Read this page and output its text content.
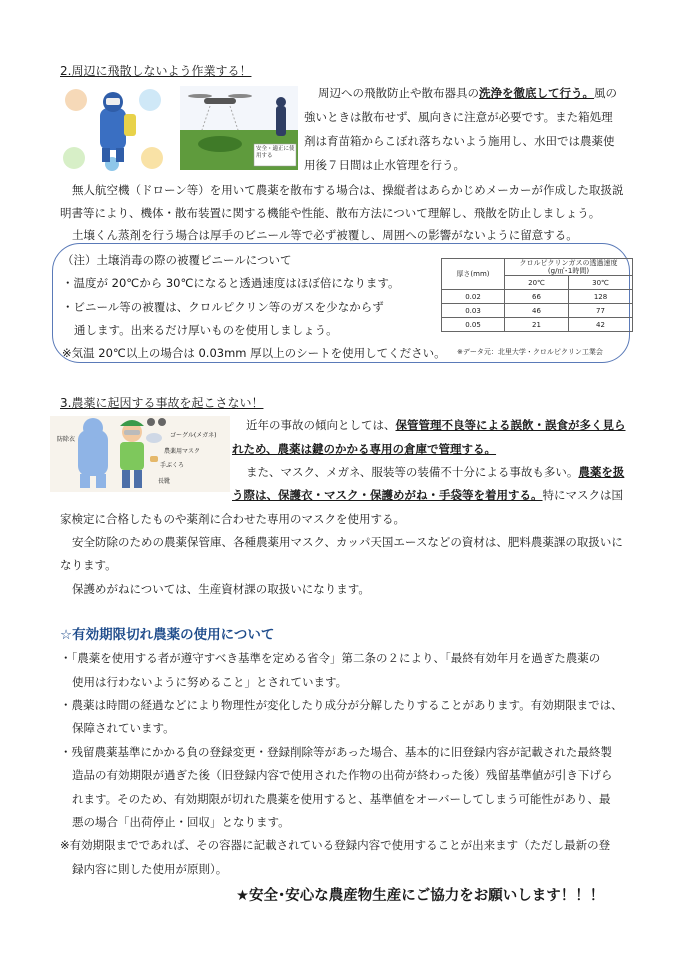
2.周辺に飛散しないよう作業する！
安全・適正に使用する
周辺への飛散防止や散布器具の洗浄を徹底して行う。風の
強いときは散布せず、風向きに注意が必要です。また箱処理
剤は育苗箱からこぼれ落ちないよう施用し、水田では農薬使
用後７日間は止水管理を行う。
無人航空機（ドローン等）を用いて農薬を散布する場合は、操縦者はあらかじめメーカーが作成した取扱説
明書等により、機体・散布装置に関する機能や性能、散布方法について理解し、飛散を防止しましょう。
土壌くん蒸剤を行う場合は厚手のビニール等で必ず被覆し、周囲への影響がないように留意する。
（注）土壌消毒の際の被覆ビニールについて
・温度が 20℃から 30℃になると透過速度はほぼ倍になります。
・ビニール等の被覆は、クロルピクリン等のガスを少なからず
通します。出来るだけ厚いものを使用しましょう。
※気温 20℃以上の場合は 0.03mm 厚以上のシートを使用してください。
厚さ(mm)	クロルピクリンガスの透過速度
(g/㎡･1時間)	
	20℃	30℃
0.02	66	128
0.03	46	77
0.05	21	42
※データ元：北里大学・クロルピクリン工業会
3.農薬に起因する事故を起こさない！
防除衣
ゴーグル(メガネ)
農薬用マスク
手ぶくろ
長靴
近年の事故の傾向としては、保管管理不良等による誤飲・誤食が多く見ら
れため、農薬は鍵のかかる専用の倉庫で管理する。
また、マスク、メガネ、服装等の装備不十分による事故も多い。農薬を扱
う際は、保護衣・マスク・保護めがね・手袋等を着用する。特にマスクは国
家検定に合格したものや薬剤に合わせた専用のマスクを使用する。
安全防除のための農薬保管庫、各種農薬用マスク、カッパ天国エースなどの資材は、肥料農薬課の取扱いに
なります。
保護めがねについては、生産資材課の取扱いになります。
☆有効期限切れ農薬の使用について
・「農薬を使用する者が遵守すべき基準を定める省令」第二条の２により、「最終有効年月を過ぎた農薬の
使用は行わないように努めること」とされています。
・農薬は時間の経過などにより物理性が変化したり成分が分解したりすることがあります。有効期限までは、
保障されています。
・残留農薬基準にかかる負の登録変更・登録削除等があった場合、基本的に旧登録内容が記載された最終製
造品の有効期限が過ぎた後（旧登録内容で使用された作物の出荷が終わった後）残留基準値が引き下げら
れます。そのため、有効期限が切れた農薬を使用すると、基準値をオーバーしてしまう可能性があり、最
悪の場合「出荷停止・回収」となります。
※有効期限までであれば、その容器に記載されている登録内容で使用することが出来ます（ただし最新の登
録内容に則した使用が原則）。
★安全･安心な農産物生産にご協力をお願いします！！！
